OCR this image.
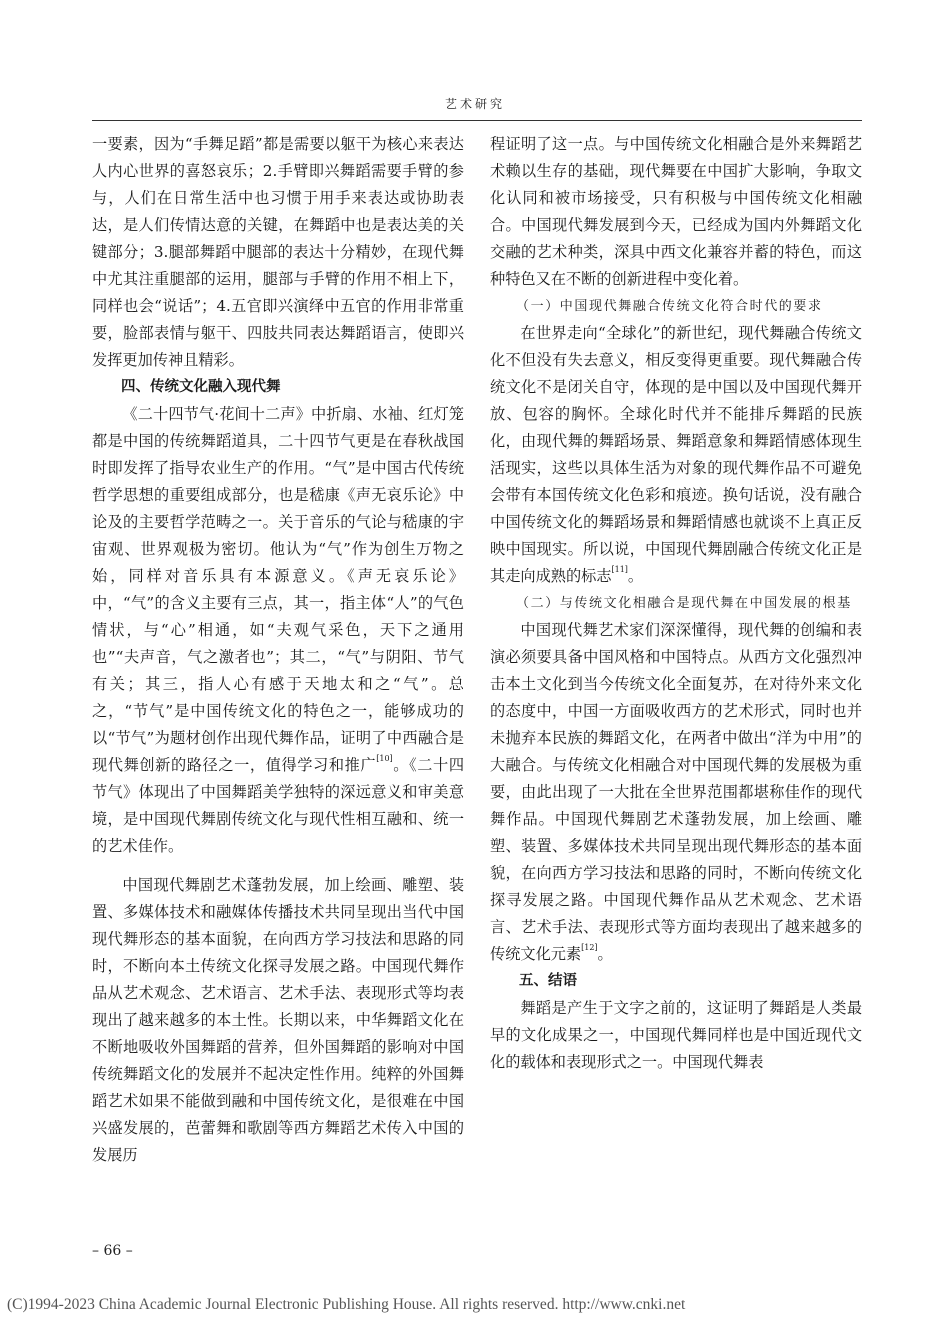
艺术研究

一要素，因为“手舞足蹈”都是需要以躯干为核心来表达人内心世界的喜怒哀乐；2.手臂即兴舞蹈需要手臂的参与，人们在日常生活中也习惯于用手来表达或协助表达，是人们传情达意的关键，在舞蹈中也是表达美的关键部分；3.腿部舞蹈中腿部的表达十分精妙，在现代舞中尤其注重腿部的运用，腿部与手臂的作用不相上下，同样也会“说话”；4.五官即兴演绎中五官的作用非常重要，脸部表情与躯干、四肢共同表达舞蹈语言，使即兴发挥更加传神且精彩。

四、传统文化融入现代舞

《二十四节气·花间十二声》中折扇、水袖、红灯笼都是中国的传统舞蹈道具，二十四节气更是在春秋战国时即发挥了指导农业生产的作用。“气”是中国古代传统哲学思想的重要组成部分，也是嵇康《声无哀乐论》中论及的主要哲学范畴之一。关于音乐的气论与嵇康的宇宙观、世界观极为密切。他认为“气”作为创生万物之始，同样对音乐具有本源意义。《声无哀乐论》中，“气”的含义主要有三点，其一，指主体“人”的气色情状，与“心”相通，如“夫观气采色，天下之通用也”“夫声音，气之激者也”；其二，“气”与阴阳、节气有关；其三，指人心有感于天地太和之“气”。总之，“节气”是中国传统文化的特色之一，能够成功的以“节气”为题材创作出现代舞作品，证明了中西融合是现代舞创新的路径之一，值得学习和推广[10]。《二十四节气》体现出了中国舞蹈美学独特的深远意义和审美意境，是中国现代舞剧传统文化与现代性相互融和、统一的艺术佳作。

中国现代舞剧艺术蓬勃发展，加上绘画、雕塑、装置、多媒体技术和融媒体传播技术共同呈现出当代中国现代舞形态的基本面貌，在向西方学习技法和思路的同时，不断向本土传统文化探寻发展之路。中国现代舞作品从艺术观念、艺术语言、艺术手法、表现形式等均表现出了越来越多的本土性。长期以来，中华舞蹈文化在不断地吸收外国舞蹈的营养，但外国舞蹈的影响对中国传统舞蹈文化的发展并不起决定性作用。纯粹的外国舞蹈艺术如果不能做到融和中国传统文化，是很难在中国兴盛发展的，芭蕾舞和歌剧等西方舞蹈艺术传入中国的发展历

程证明了这一点。与中国传统文化相融合是外来舞蹈艺术赖以生存的基础，现代舞要在中国扩大影响，争取文化认同和被市场接受，只有积极与中国传统文化相融合。中国现代舞发展到今天，已经成为国内外舞蹈文化交融的艺术种类，深具中西文化兼容并蓄的特色，而这种特色又在不断的创新进程中变化着。

（一）中国现代舞融合传统文化符合时代的要求

在世界走向“全球化”的新世纪，现代舞融合传统文化不但没有失去意义，相反变得更重要。现代舞融合传统文化不是闭关自守，体现的是中国以及中国现代舞开放、包容的胸怀。全球化时代并不能排斥舞蹈的民族化，由现代舞的舞蹈场景、舞蹈意象和舞蹈情感体现生活现实，这些以具体生活为对象的现代舞作品不可避免会带有本国传统文化色彩和痕迹。换句话说，没有融合中国传统文化的舞蹈场景和舞蹈情感也就谈不上真正反映中国现实。所以说，中国现代舞剧融合传统文化正是其走向成熟的标志[11]。

（二）与传统文化相融合是现代舞在中国发展的根基

中国现代舞艺术家们深深懂得，现代舞的创编和表演必须要具备中国风格和中国特点。从西方文化强烈冲击本土文化到当今传统文化全面复苏，在对待外来文化的态度中，中国一方面吸收西方的艺术形式，同时也并未抛弃本民族的舞蹈文化，在两者中做出“洋为中用”的大融合。与传统文化相融合对中国现代舞的发展极为重要，由此出现了一大批在全世界范围都堪称佳作的现代舞作品。中国现代舞剧艺术蓬勃发展，加上绘画、雕塑、装置、多媒体技术共同呈现出现代舞形态的基本面貌，在向西方学习技法和思路的同时，不断向传统文化探寻发展之路。中国现代舞作品从艺术观念、艺术语言、艺术手法、表现形式等方面均表现出了越来越多的传统文化元素[12]。

五、结语

舞蹈是产生于文字之前的，这证明了舞蹈是人类最早的文化成果之一，中国现代舞同样也是中国近现代文化的载体和表现形式之一。中国现代舞表

– 66 –
(C)1994-2023 China Academic Journal Electronic Publishing House. All rights reserved. http://www.cnki.net
